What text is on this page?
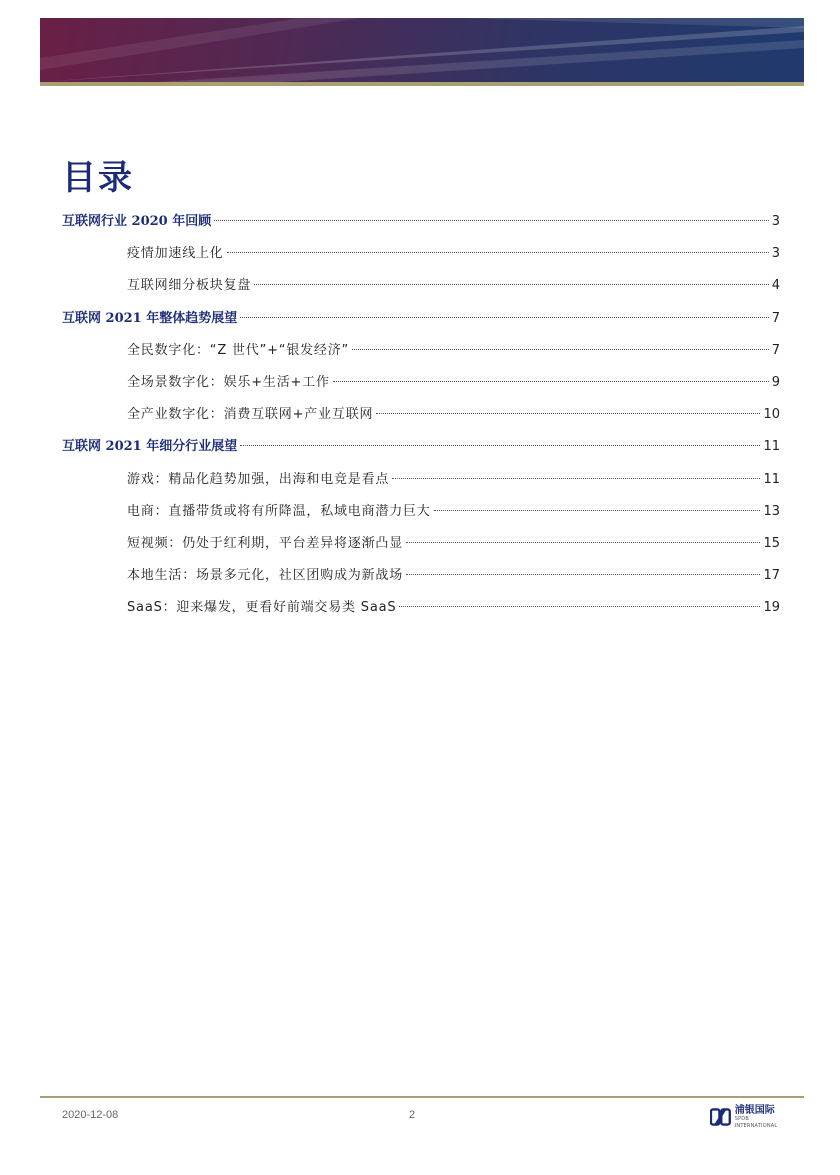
目录
互联网行业 2020 年回顾	3
疫情加速线上化	3
互联网细分板块复盘	4
互联网 2021 年整体趋势展望	7
全民数字化：“Z 世代”+“银发经济”	7
全场景数字化：娱乐+生活+工作	9
全产业数字化：消费互联网+产业互联网	10
互联网 2021 年细分行业展望	11
游戏：精品化趋势加强，出海和电竞是看点	11
电商：直播带货或将有所降温，私域电商潜力巨大	13
短视频：仍处于红利期，平台差异将逐渐凸显	15
本地生活：场景多元化，社区团购成为新战场	17
SaaS：迎来爆发，更看好前端交易类 SaaS	19
2020-12-08	2	浦银国际
SPDB INTERNATIONAL
